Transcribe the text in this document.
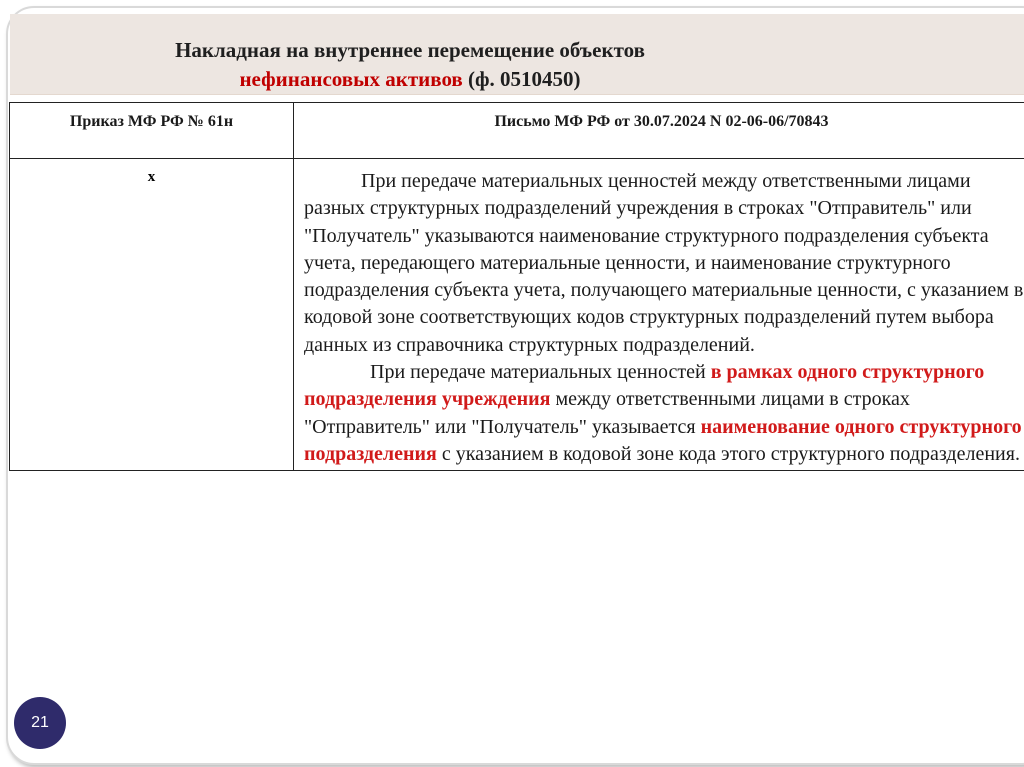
Накладная на внутреннее перемещение объектов
нефинансовых активов (ф. 0510450)
Приказ МФ РФ № 61н	Письмо МФ РФ от 30.07.2024 N 02-06-06/70843
х	При передаче материальных ценностей между ответственными лицами разных структурных подразделений учреждения в строках "Отправитель" или "Получатель" указываются наименование структурного подразделения субъекта учета, передающего материальные ценности, и наименование структурного подразделения субъекта учета, получающего материальные ценности, с указанием в кодовой зоне соответствующих кодов структурных подразделений путем выбора данных из справочника структурных подразделений.

При передаче материальных ценностей в рамках одного структурного подразделения учреждения между ответственными лицами в строках "Отправитель" или "Получатель" указывается наименование одного структурного подразделения с указанием в кодовой зоне кода этого структурного подразделения.

21
